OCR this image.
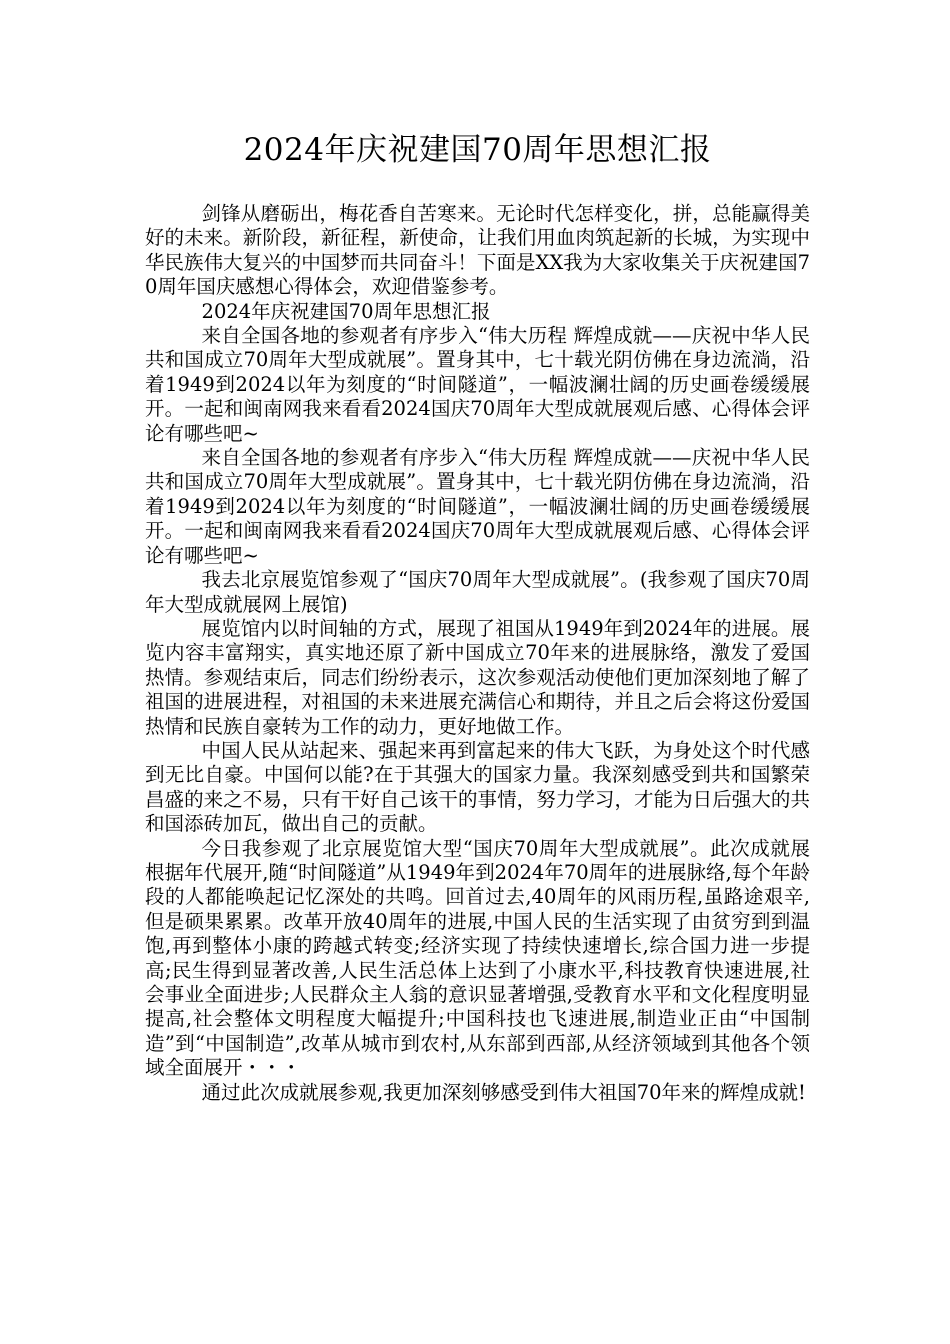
2024年庆祝建国70周年思想汇报

剑锋从磨砺出，梅花香自苦寒来。无论时代怎样变化，拼，总能赢得美好的未来。新阶段，新征程，新使命，让我们用血肉筑起新的长城，为实现中华民族伟大复兴的中国梦而共同奋斗！下面是XX我为大家收集关于庆祝建国70周年国庆感想心得体会，欢迎借鉴参考。

2024年庆祝建国70周年思想汇报

来自全国各地的参观者有序步入“伟大历程 辉煌成就——庆祝中华人民共和国成立70周年大型成就展”。置身其中，七十载光阴仿佛在身边流淌，沿着1949到2024以年为刻度的“时间隧道”，一幅波澜壮阔的历史画卷缓缓展开。一起和闽南网我来看看2024国庆70周年大型成就展观后感、心得体会评论有哪些吧~

来自全国各地的参观者有序步入“伟大历程 辉煌成就——庆祝中华人民共和国成立70周年大型成就展”。置身其中，七十载光阴仿佛在身边流淌，沿着1949到2024以年为刻度的“时间隧道”，一幅波澜壮阔的历史画卷缓缓展开。一起和闽南网我来看看2024国庆70周年大型成就展观后感、心得体会评论有哪些吧~

我去北京展览馆参观了“国庆70周年大型成就展”。(我参观了国庆70周年大型成就展网上展馆)

展览馆内以时间轴的方式，展现了祖国从1949年到2024年的进展。展览内容丰富翔实，真实地还原了新中国成立70年来的进展脉络，激发了爱国热情。参观结束后，同志们纷纷表示，这次参观活动使他们更加深刻地了解了祖国的进展进程，对祖国的未来进展充满信心和期待，并且之后会将这份爱国热情和民族自豪转为工作的动力，更好地做工作。

中国人民从站起来、强起来再到富起来的伟大飞跃，为身处这个时代感到无比自豪。中国何以能?在于其强大的国家力量。我深刻感受到共和国繁荣昌盛的来之不易，只有干好自己该干的事情，努力学习，才能为日后强大的共和国添砖加瓦，做出自己的贡献。

今日我参观了北京展览馆大型“国庆70周年大型成就展”。此次成就展根据年代展开,随“时间隧道”从1949年到2024年70周年的进展脉络,每个年龄段的人都能唤起记忆深处的共鸣。回首过去,40周年的风雨历程,虽路途艰辛,但是硕果累累。改革开放40周年的进展,中国人民的生活实现了由贫穷到到温饱,再到整体小康的跨越式转变;经济实现了持续快速增长,综合国力进一步提高;民生得到显著改善,人民生活总体上达到了小康水平,科技教育快速进展,社会事业全面进步;人民群众主人翁的意识显著增强,受教育水平和文化程度明显提高,社会整体文明程度大幅提升;中国科技也飞速进展,制造业正由“中国制造”到“中国制造”,改革从城市到农村,从东部到西部,从经济领域到其他各个领域全面展开・・・

通过此次成就展参观,我更加深刻够感受到伟大祖国70年来的辉煌成就!
